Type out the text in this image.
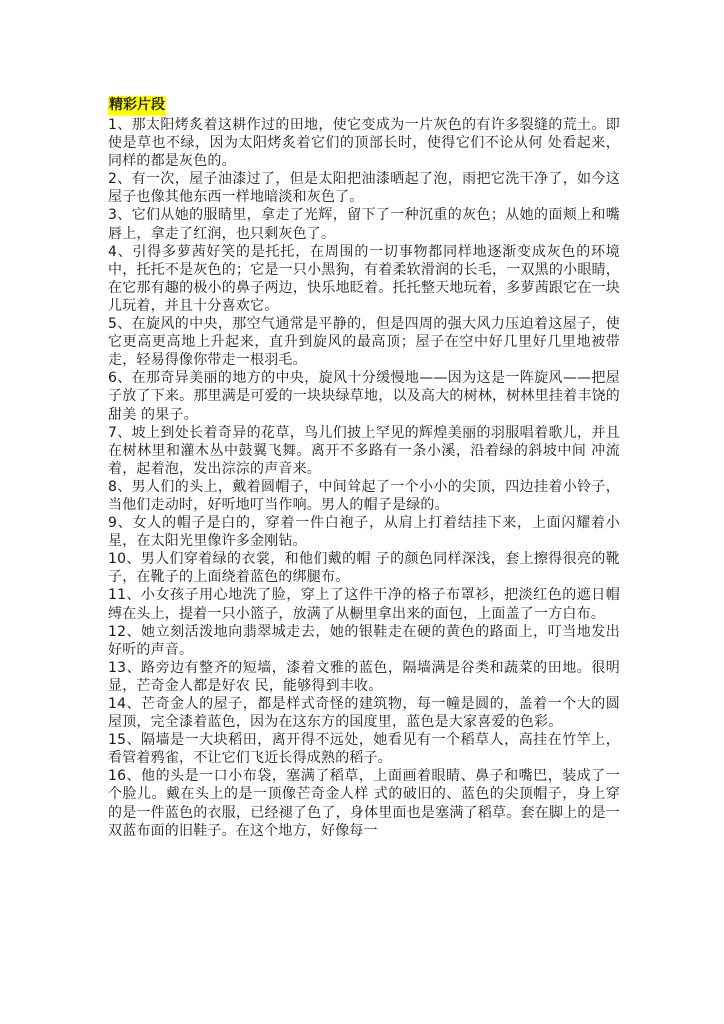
精彩片段

1、那太阳烤炙着这耕作过的田地，使它变成为一片灰色的有许多裂缝的荒土。即使是草也不绿，因为太阳烤炙着它们的顶部长时，使得它们不论从何 处看起来，同样的都是灰色的。

2、有一次，屋子油漆过了，但是太阳把油漆晒起了泡，雨把它洗干净了，如今这屋子也像其他东西一样地暗淡和灰色了。

3、它们从她的服睛里，拿走了光辉，留下了一种沉重的灰色；从她的面颊上和嘴唇上，拿走了红润，也只剩灰色了。

4、引得多萝茜好笑的是托托，在周围的一切事物都同样地逐渐变成灰色的环境中，托托不是灰色的；它是一只小黑狗，有着柔软滑润的长毛，一双黑的小眼睛，在它那有趣的极小的鼻子两边，快乐地眨着。托托整天地玩着，多萝茜跟它在一块儿玩着，并且十分喜欢它。

5、在旋风的中央，那空气通常是平静的，但是四周的强大风力压迫着这屋子，使它更高更高地上升起来，直升到旋风的最高顶；屋子在空中好几里好几里地被带走，轻易得像你带走一根羽毛。

6、在那奇异美丽的地方的中央，旋风十分缓慢地——因为这是一阵旋风——把屋子放了下来。那里满是可爱的一块块绿草地，以及高大的树林，树林里挂着丰饶的甜美 的果子。

7、坡上到处长着奇异的花草，鸟儿们披上罕见的辉煌美丽的羽服唱着歌儿，并且在树林里和灌木丛中鼓翼飞舞。离开不多路有一条小溪，沿着绿的斜坡中间 冲流着，起着泡，发出淙淙的声音来。

8、男人们的头上，戴着圆帽子，中间耸起了一个小小的尖顶，四边挂着小铃子，当他们走动时，好听地叮当作响。男人的帽子是绿的。

9、女人的帽子是白的，穿着一件白袍子，从肩上打着结挂下来，上面闪耀着小星，在太阳光里像许多金刚钻。

10、男人们穿着绿的衣裳，和他们戴的帽 子的颜色同样深浅，套上擦得很亮的靴子，在靴子的上面绕着蓝色的绑腿布。

11、小女孩子用心地洗了脸，穿上了这件干净的格子布罩衫，把淡红色的遮日帽缚在头上，提着一只小篮子，放满了从橱里拿出来的面包，上面盖了一方白布。

12、她立刻活泼地向翡翠城走去，她的银鞋走在硬的黄色的路面上，叮当地发出好听的声音。

13、路旁边有整齐的短墙，漆着文雅的蓝色，隔墙满是谷类和蔬菜的田地。很明显，芒奇金人都是好农 民，能够得到丰收。

14、芒奇金人的屋子，都是样式奇怪的建筑物，每一幢是圆的，盖着一个大的圆屋顶，完全漆着蓝色，因为在这东方的国度里，蓝色是大家喜爱的色彩。

15、隔墙是一大块稻田，离开得不远处，她看见有一个稻草人，高挂在竹竿上，看管着鸦雀，不让它们飞近长得成熟的稻子。

16、他的头是一口小布袋，塞满了稻草，上面画着眼睛、鼻子和嘴巴，装成了一个脸儿。戴在头上的是一顶像芒奇金人样 式的破旧的、蓝色的尖顶帽子，身上穿的是一件蓝色的衣服，已经褪了色了，身体里面也是塞满了稻草。套在脚上的是一双蓝布面的旧鞋子。在这个地方，好像每一
